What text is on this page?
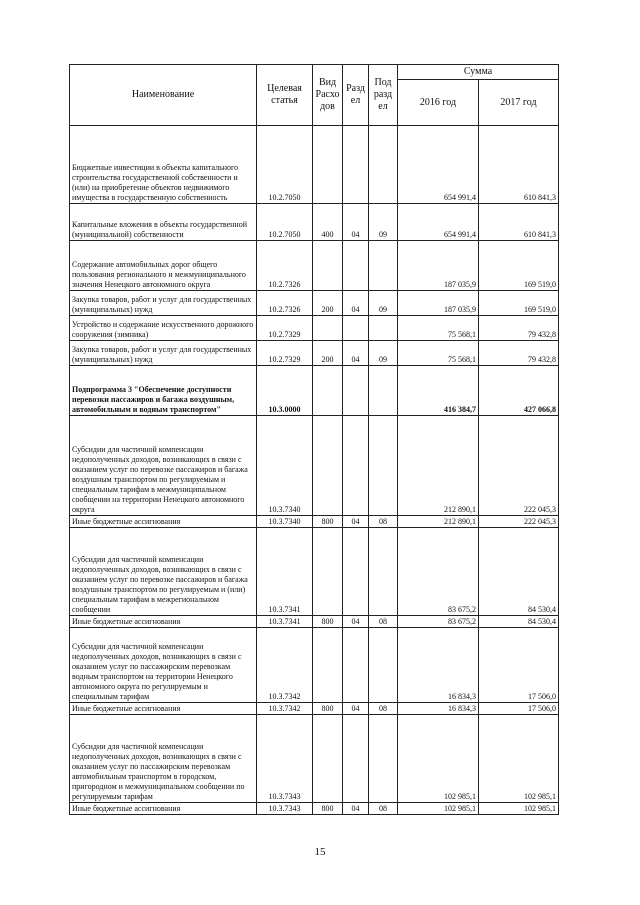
Наименование	Целевая статья	Вид Расхо дов	Разд ел	Под разд ел	Сумма	
					2016 год	2017 год
Бюджетные инвестиции в объекты капитального строительства государственной собственности и (или) на приобретение объектов недвижимого имущества в государственную собственность	10.2.7050				654 991,4	610 841,3
Капитальные вложения в объекты государственной (муниципальной) собственности	10.2.7050	400	04	09	654 991,4	610 841,3
Содержание автомобильных дорог общего пользования регионального и межмуниципального значения Ненецкого автономного округа	10.2.7326				187 035,9	169 519,0
Закупка товаров, работ и услуг для государственных (муниципальных) нужд	10.2.7326	200	04	09	187 035,9	169 519,0
Устройство и содержание искусственного дорожного сооружения (зимника)	10.2.7329				75 568,1	79 432,8
Закупка товаров, работ и услуг для государственных (муниципальных) нужд	10.2.7329	200	04	09	75 568,1	79 432,8
Подпрограмма 3 "Обеспечение доступности перевозки пассажиров и багажа воздушным, автомобильным и водным транспортом"	10.3.0000				416 384,7	427 066,8
Субсидии для частичной компенсации недополученных доходов, возникающих в связи с оказанием услуг по перевозке пассажиров и багажа воздушным транспортом по регулируемым и специальным тарифам в межмуниципальном сообщении на территории Ненецкого автономного округа	10.3.7340				212 890,1	222 045,3
Иные бюджетные ассигнования	10.3.7340	800	04	08	212 890,1	222 045,3
Субсидии для частичной компенсации недополученных доходов, возникающих в связи с оказанием услуг по перевозке пассажиров и багажа воздушным транспортом по регулируемым и (или) специальным тарифам в межрегиональном сообщении	10.3.7341				83 675,2	84 530,4
Иные бюджетные ассигнования	10.3.7341	800	04	08	83 675,2	84 530,4
Субсидии для частичной компенсации недополученных доходов, возникающих в связи с оказанием услуг по пассажирским перевозкам водным транспортом на территории Ненецкого автономного округа по регулируемым и специальным тарифам	10.3.7342				16 834,3	17 506,0
Иные бюджетные ассигнования	10.3.7342	800	04	08	16 834,3	17 506,0
Субсидии для частичной компенсации недополученных доходов, возникающих в связи с оказанием услуг по пассажирским перевозкам автомобильным транспортом в городском, пригородном и межмуниципальном сообщении по регулируемым тарифам	10.3.7343				102 985,1	102 985,1
Иные бюджетные ассигнования	10.3.7343	800	04	08	102 985,1	102 985,1
15
